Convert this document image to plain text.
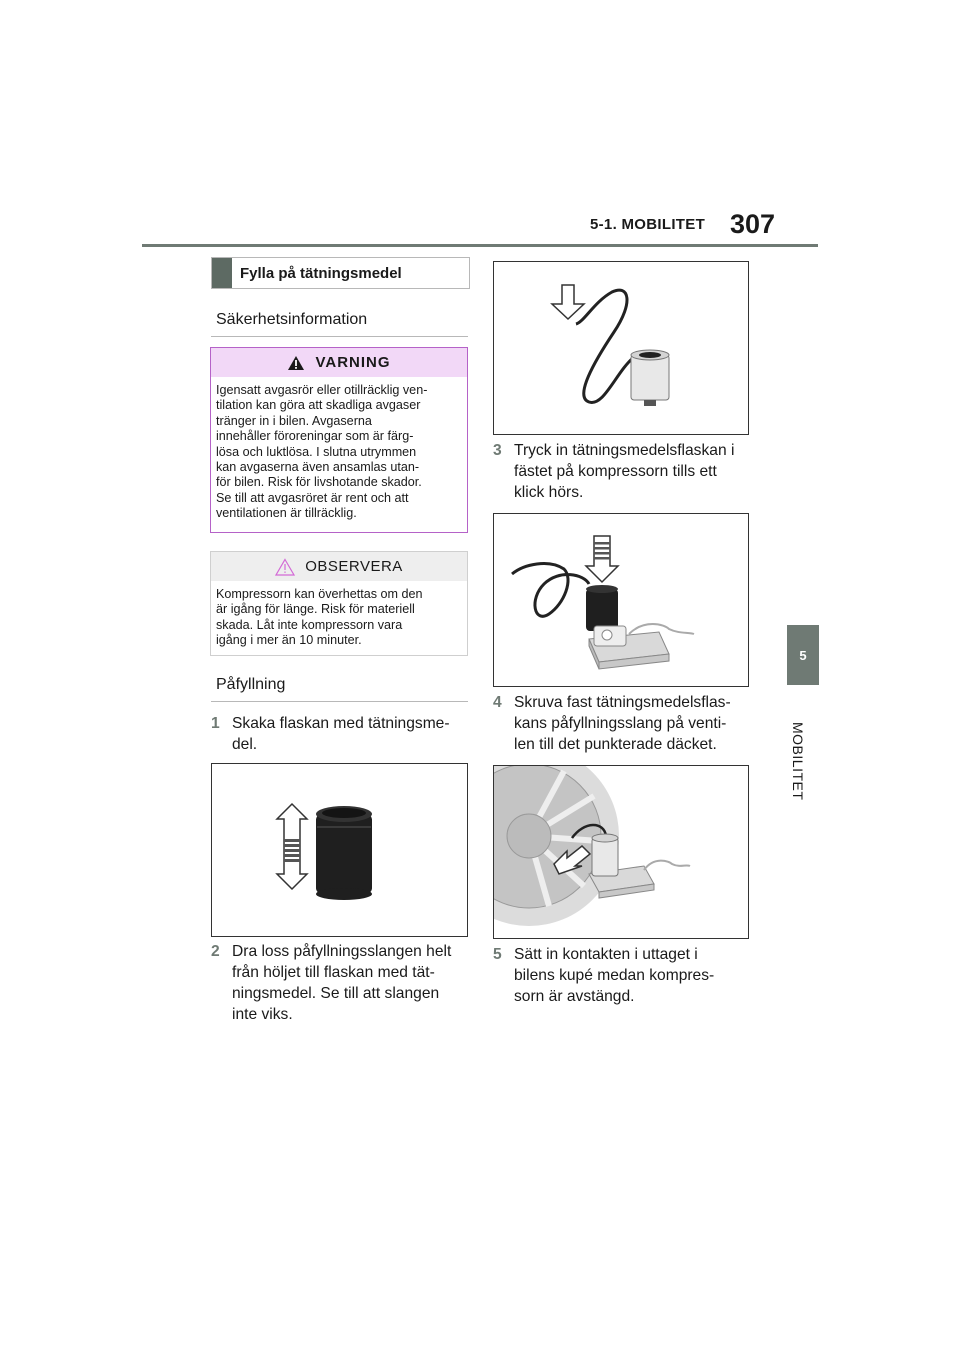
5-1. MOBILITET 307
5
MOBILITET
Fylla på tätningsmedel
Säkerhetsinformation
VARNING
Igensatt avgasrör eller otillräcklig ven-
tilation kan göra att skadliga avgaser
tränger in i bilen. Avgaserna
innehåller föroreningar som är färg-
lösa och luktlösa. I slutna utrymmen
kan avgaserna även ansamlas utan-
för bilen. Risk för livshotande skador.
Se till att avgasröret är rent och att
ventilationen är tillräcklig.
OBSERVERA
Kompressorn kan överhettas om den
är igång för länge. Risk för materiell
skada. Låt inte kompressorn vara
igång i mer än 10 minuter.
Påfyllning
1 Skaka flaskan med tätningsme-
del.
2 Dra loss påfyllningsslangen helt
från höljet till flaskan med tät-
ningsmedel. Se till att slangen
inte viks.
3 Tryck in tätningsmedelsflaskan i
fästet på kompressorn tills ett
klick hörs.
4 Skruva fast tätningsmedelsflas-
kans påfyllningsslang på venti-
len till det punkterade däcket.
5 Sätt in kontakten i uttaget i
bilens kupé medan kompres-
sorn är avstängd.
